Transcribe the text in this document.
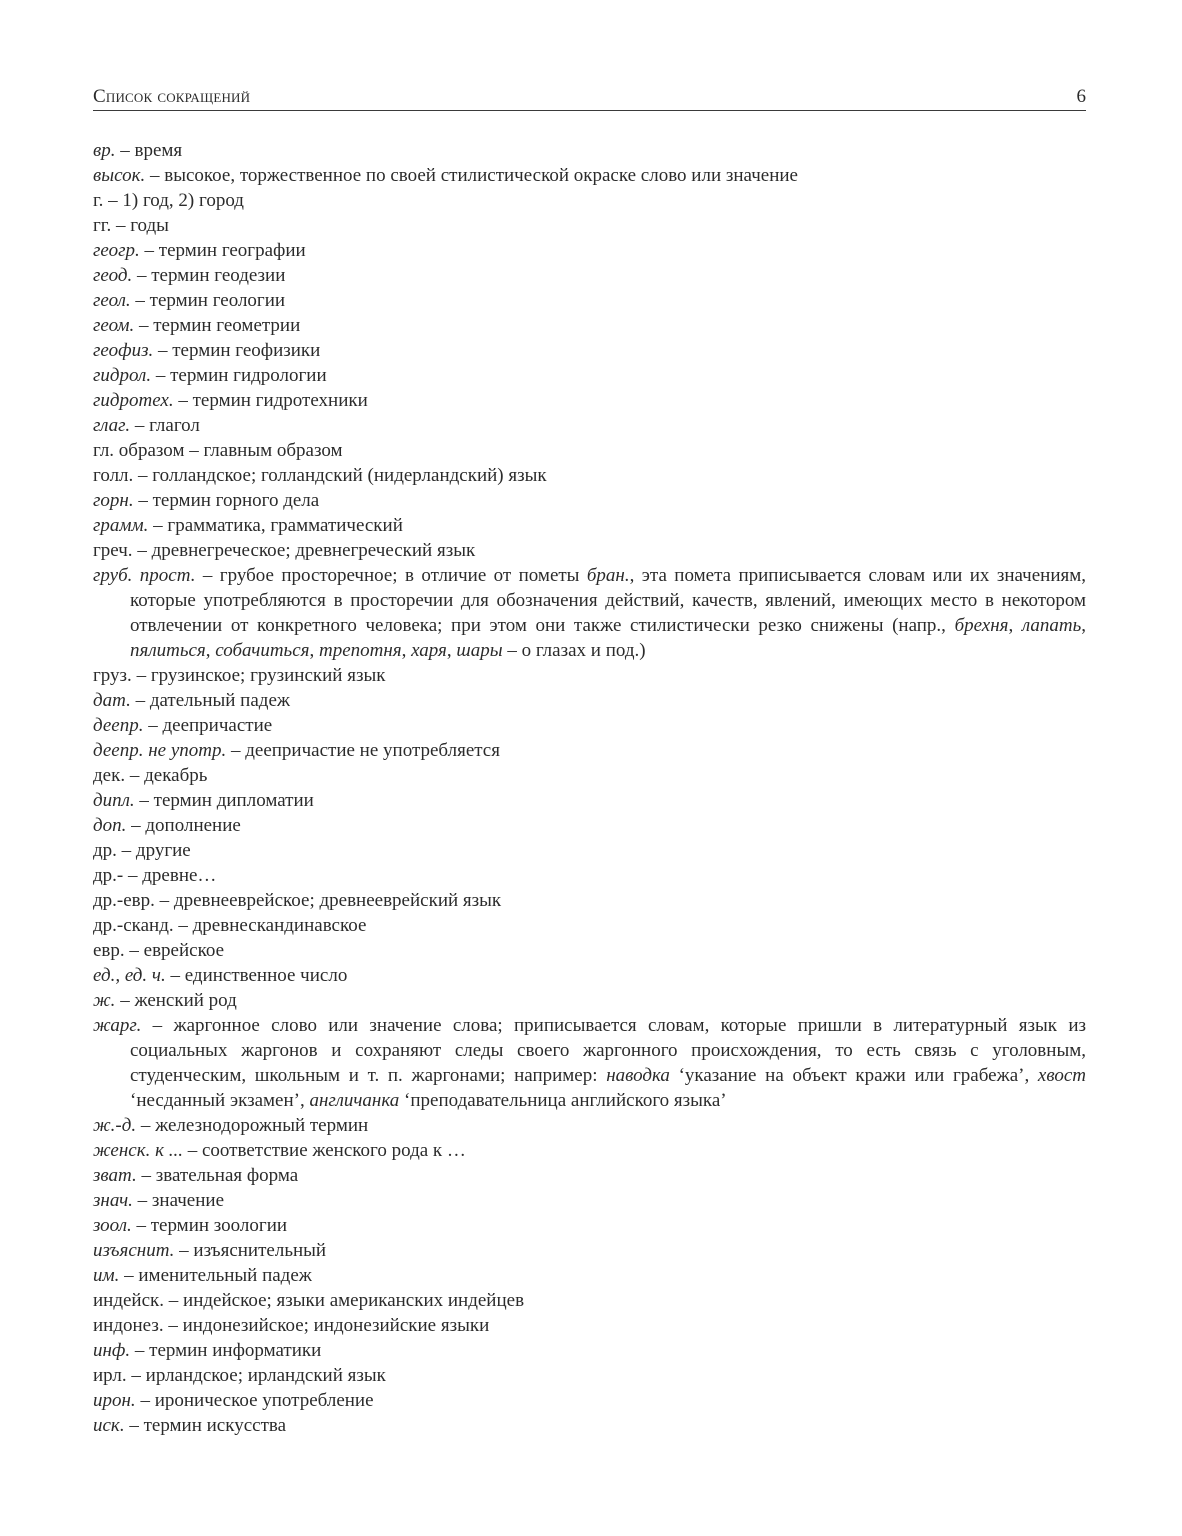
Список сокращений	6
вр. – время
высок. – высокое, торжественное по своей стилистической окраске слово или значение
г. – 1) год, 2) город
гг. – годы
геогр. – термин географии
геод. – термин геодезии
геол. – термин геологии
геом. – термин геометрии
геофиз. – термин геофизики
гидрол. – термин гидрологии
гидротех. – термин гидротехники
глаг. – глагол
гл. образом – главным образом
голл. – голландское; голландский (нидерландский) язык
горн. – термин горного дела
грамм. – грамматика, грамматический
греч. – древнегреческое; древнегреческий язык
груб. прост. – грубое просторечное; в отличие от пометы бран., эта помета приписывается словам или их значениям, которые употребляются в просторечии для обозначения действий, качеств, явлений, имеющих место в некотором отвлечении от конкретного человека; при этом они также стилистически резко снижены (напр., брехня, лапать, пялиться, собачиться, трепотня, харя, шары – о глазах и под.)
груз. – грузинское; грузинский язык
дат. – дательный падеж
деепр. – деепричастие
деепр. не употр. – деепричастие не употребляется
дек. – декабрь
дипл. – термин дипломатии
доп. – дополнение
др. – другие
др.- – древне…
др.-евр. – древнееврейское; древнееврейский язык
др.-сканд. – древнескандинавское
евр. – еврейское
ед., ед. ч. – единственное число
ж. – женский род
жарг. – жаргонное слово или значение слова; приписывается словам, которые пришли в литературный язык из социальных жаргонов и сохраняют следы своего жаргонного происхождения, то есть связь с уголовным, студенческим, школьным и т. п. жаргонами; например: наводка ‘указание на объект кражи или грабежа’, хвост ‘несданный экзамен’, англичанка ‘преподавательница английского языка’
ж.-д. – железнодорожный термин
женск. к ... – соответствие женского рода к …
зват. – звательная форма
знач. – значение
зоол. – термин зоологии
изъяснит. – изъяснительный
им. – именительный падеж
индейск. – индейское; языки американских индейцев
индонез. – индонезийское; индонезийские языки
инф. – термин информатики
ирл. – ирландское; ирландский язык
ирон. – ироническое употребление
иск. – термин искусства
